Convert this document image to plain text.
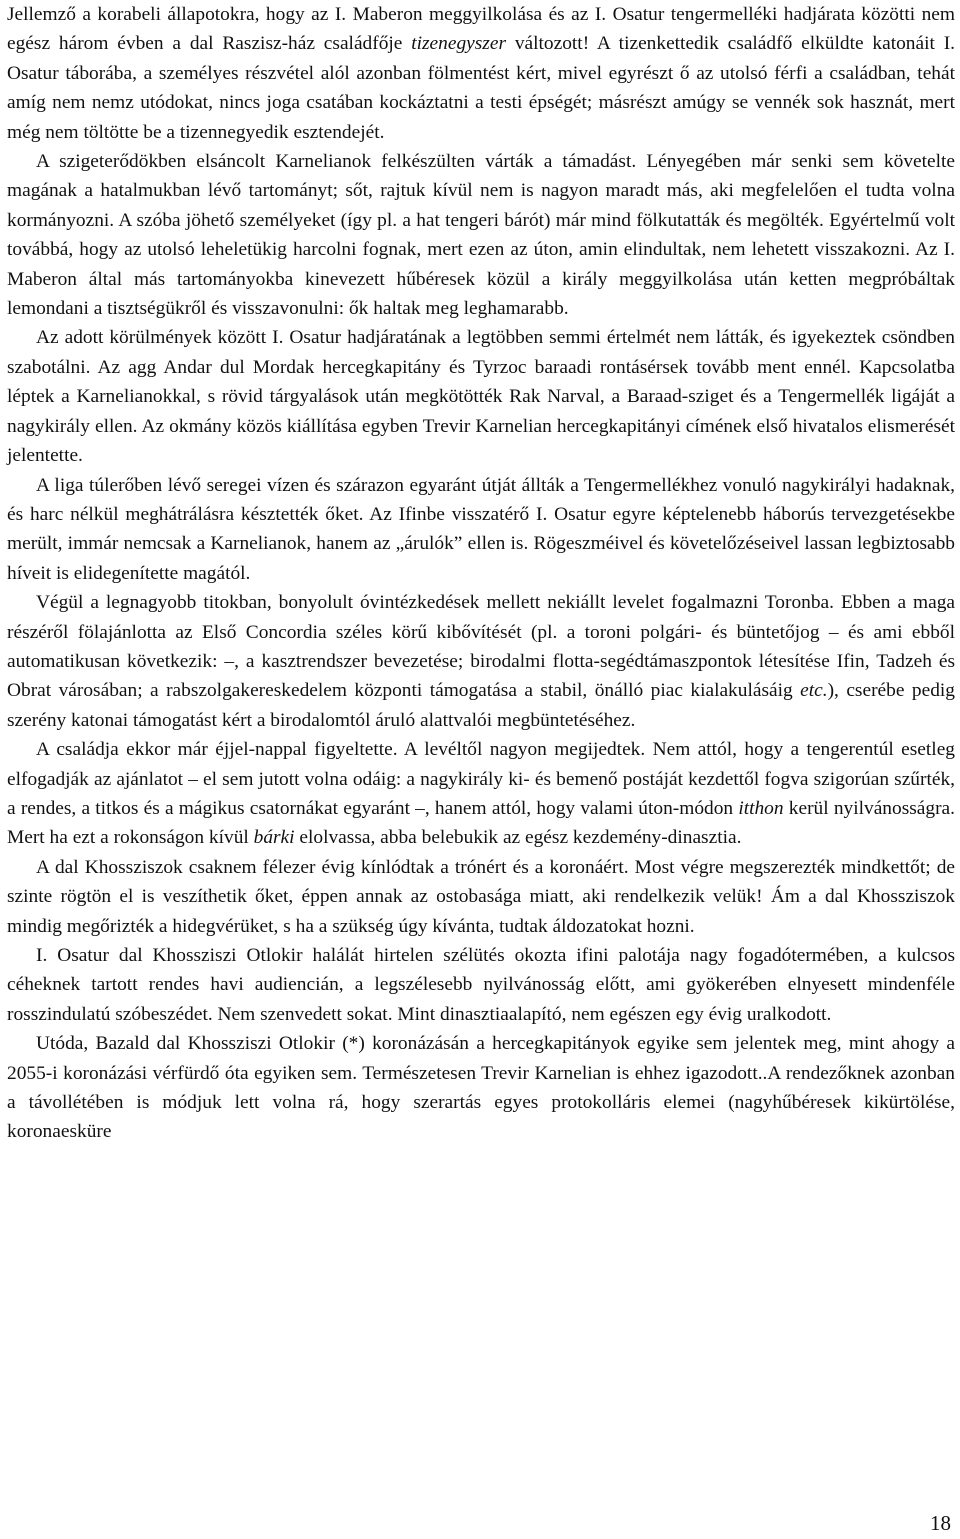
Jellemző a korabeli állapotokra, hogy az I. Maberon meggyilkolása és az I. Osatur tengermelléki hadjárata közötti nem egész három évben a dal Raszisz-ház családfője tizenegyszer változott! A tizenkettedik családfő elküldte katonáit I. Osatur táborába, a személyes részvétel alól azonban fölmentést kért, mivel egyrészt ő az utolsó férfi a családban, tehát amíg nem nemz utódokat, nincs joga csatában kockáztatni a testi épségét; másrészt amúgy se vennék sok hasznát, mert még nem töltötte be a tizennegyedik esztendejét.

A szigeterődökben elsáncolt Karnelianok felkészülten várták a támadást. Lényegében már senki sem követelte magának a hatalmukban lévő tartományt; sőt, rajtuk kívül nem is nagyon maradt más, aki megfelelően el tudta volna kormányozni. A szóba jöhető személyeket (így pl. a hat tengeri bárót) már mind fölkutatták és megölték. Egyértelmű volt továbbá, hogy az utolsó leheletükig harcolni fognak, mert ezen az úton, amin elindultak, nem lehetett visszakozni. Az I. Maberon által más tartományokba kinevezett hűbéresek közül a király meggyilkolása után ketten megpróbáltak lemondani a tisztségükről és visszavonulni: ők haltak meg leghamarabb.

Az adott körülmények között I. Osatur hadjáratának a legtöbben semmi értelmét nem látták, és igyekeztek csöndben szabotálni. Az agg Andar dul Mordak hercegkapitány és Tyrzoc baraadi rontásérsek tovább ment ennél. Kapcsolatba léptek a Karnelianokkal, s rövid tárgyalások után megkötötték Rak Narval, a Baraad-sziget és a Tengermellék ligáját a nagykirály ellen. Az okmány közös kiállítása egyben Trevir Karnelian hercegkapitányi címének első hivatalos elismerését jelentette.

A liga túlerőben lévő seregei vízen és szárazon egyaránt útját állták a Tengermellékhez vonuló nagykirályi hadaknak, és harc nélkül meghátrálásra késztették őket. Az Ifinbe visszatérő I. Osatur egyre képtelenebb háborús tervezgetésekbe merült, immár nemcsak a Karnelianok, hanem az „árulók” ellen is. Rögeszméivel és követelőzéseivel lassan legbiztosabb híveit is elidegenítette magától.

Végül a legnagyobb titokban, bonyolult óvintézkedések mellett nekiállt levelet fogalmazni Toronba. Ebben a maga részéről fölajánlotta az Első Concordia széles körű kibővítését (pl. a toroni polgári- és büntetőjog – és ami ebből automatikusan következik: –, a kasztrendszer bevezetése; birodalmi flotta-segédtámaszpontok létesítése Ifin, Tadzeh és Obrat városában; a rabszolgakereskedelem központi támogatása a stabil, önálló piac kialakulásáig etc.), cserébe pedig szerény katonai támogatást kért a birodalomtól áruló alattvalói megbüntetéséhez.

A családja ekkor már éjjel-nappal figyeltette. A levéltől nagyon megijedtek. Nem attól, hogy a tengerentúl esetleg elfogadják az ajánlatot – el sem jutott volna odáig: a nagykirály ki- és bemenő postáját kezdettől fogva szigorúan szűrték, a rendes, a titkos és a mágikus csatornákat egyaránt –, hanem attól, hogy valami úton-módon itthon kerül nyilvánosságra. Mert ha ezt a rokonságon kívül bárki elolvassa, abba belebukik az egész kezdemény-dinasztia.

A dal Khossziszok csaknem félezer évig kínlódtak a trónért és a koronáért. Most végre megszerezték mindkettőt; de szinte rögtön el is veszíthetik őket, éppen annak az ostobasága miatt, aki rendelkezik velük! Ám a dal Khossziszok mindig megőrizték a hidegvérüket, s ha a szükség úgy kívánta, tudtak áldozatokat hozni.

I. Osatur dal Khossziszi Otlokir halálát hirtelen szélütés okozta ifini palotája nagy fogadótermében, a kulcsos céheknek tartott rendes havi audiencián, a legszélesebb nyilvánosság előtt, ami gyökerében elnyesett mindenféle rosszindulatú szóbeszédet. Nem szenvedett sokat. Mint dinasztiaalapító, nem egészen egy évig uralkodott.

Utóda, Bazald dal Khossziszi Otlokir (*) koronázásán a hercegkapitányok egyike sem jelentek meg, mint ahogy a 2055-i koronázási vérfürdő óta egyiken sem. Természetesen Trevir Karnelian is ehhez igazodott..A rendezőknek azonban a távollétében is módjuk lett volna rá, hogy szerartás egyes protokolláris elemei (nagyhűbéresek kikürtölése, koronaesküre

18
